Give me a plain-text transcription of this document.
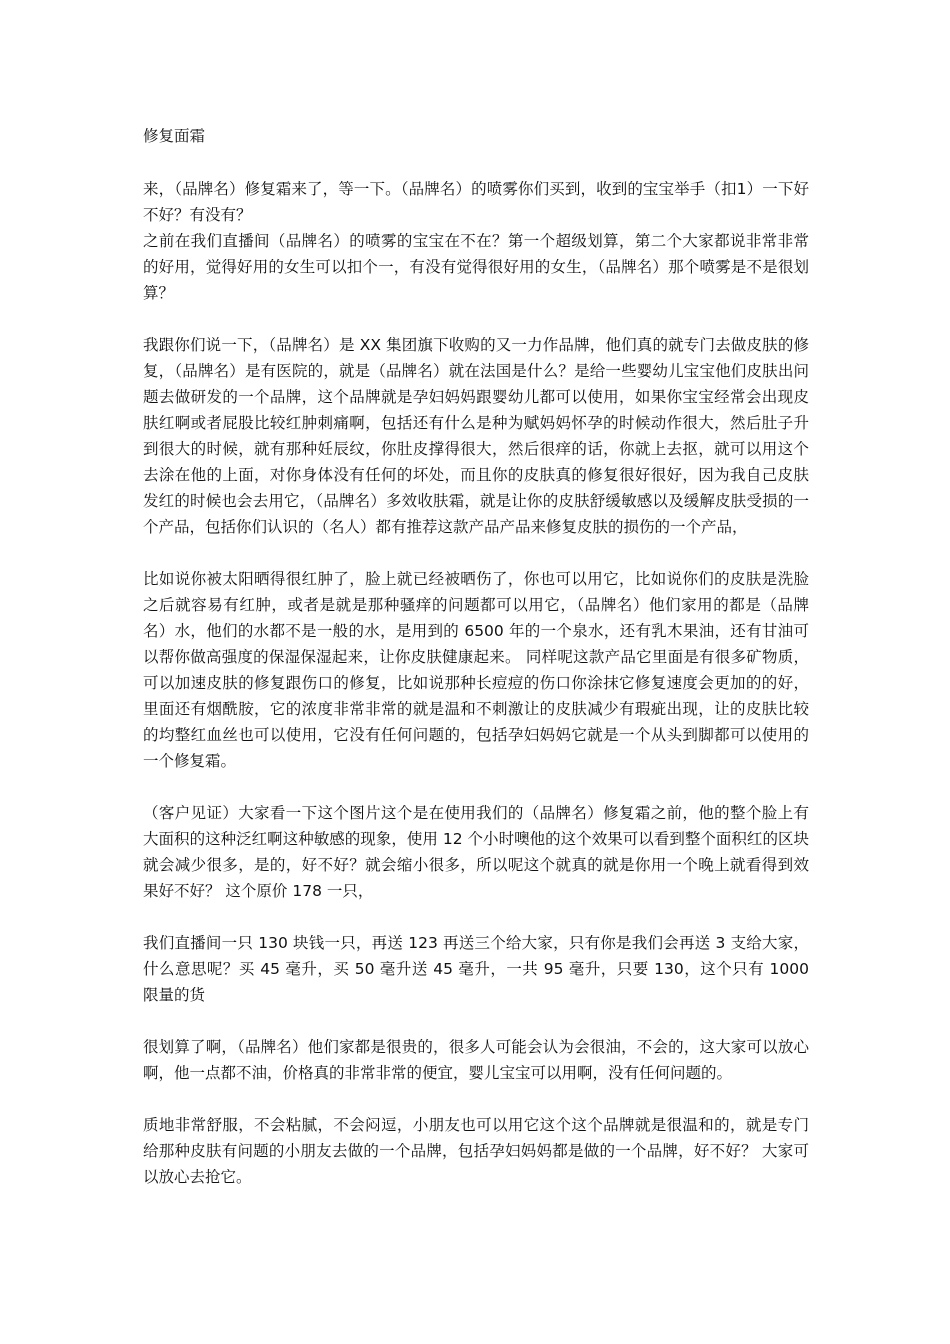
修复面霜

来，（品牌名）修复霜来了，等一下。（品牌名）的喷雾你们买到，收到的宝宝举手（扣1）一下好不好？有没有？

之前在我们直播间（品牌名）的喷雾的宝宝在不在？第一个超级划算，第二个大家都说非常非常的好用，觉得好用的女生可以扣个一，有没有觉得很好用的女生，（品牌名）那个喷雾是不是很划算？

我跟你们说一下，（品牌名）是 XX 集团旗下收购的又一力作品牌，他们真的就专门去做皮肤的修复，（品牌名）是有医院的，就是（品牌名）就在法国是什么？是给一些婴幼儿宝宝他们皮肤出问题去做研发的一个品牌，这个品牌就是孕妇妈妈跟婴幼儿都可以使用，如果你宝宝经常会出现皮肤红啊或者屁股比较红肿刺痛啊，包括还有什么是种为赋妈妈怀孕的时候动作很大，然后肚子升到很大的时候，就有那种妊辰纹，你肚皮撑得很大，然后很痒的话，你就上去抠，就可以用这个去涂在他的上面，对你身体没有任何的坏处，而且你的皮肤真的修复很好很好，因为我自己皮肤发红的时候也会去用它，（品牌名）多效收肤霜，就是让你的皮肤舒缓敏感以及缓解皮肤受损的一个产品，包括你们认识的（名人）都有推荐这款产品产品来修复皮肤的损伤的一个产品，

比如说你被太阳晒得很红肿了，脸上就已经被晒伤了，你也可以用它，比如说你们的皮肤是洗脸之后就容易有红肿，或者是就是那种骚痒的问题都可以用它，（品牌名）他们家用的都是（品牌名）水，他们的水都不是一般的水，是用到的 6500 年的一个泉水，还有乳木果油，还有甘油可以帮你做高强度的保湿保湿起来，让你皮肤健康起来。 同样呢这款产品它里面是有很多矿物质，可以加速皮肤的修复跟伤口的修复，比如说那种长痘痘的伤口你涂抹它修复速度会更加的的好，里面还有烟酰胺，它的浓度非常非常的就是温和不刺激让的皮肤减少有瑕疵出现，让的皮肤比较的均整红血丝也可以使用，它没有任何问题的，包括孕妇妈妈它就是一个从头到脚都可以使用的一个修复霜。

（客户见证）大家看一下这个图片这个是在使用我们的（品牌名）修复霜之前，他的整个脸上有大面积的这种泛红啊这种敏感的现象，使用 12 个小时噢他的这个效果可以看到整个面积红的区块就会减少很多，是的，好不好？就会缩小很多，所以呢这个就真的就是你用一个晚上就看得到效果好不好？ 这个原价 178 一只，

我们直播间一只 130 块钱一只，再送 123 再送三个给大家，只有你是我们会再送 3 支给大家，什么意思呢？买 45 毫升，买 50 毫升送 45 毫升，一共 95 毫升，只要 130，这个只有 1000 限量的货

很划算了啊，（品牌名）他们家都是很贵的，很多人可能会认为会很油，不会的，这大家可以放心啊，他一点都不油，价格真的非常非常的便宜，婴儿宝宝可以用啊，没有任何问题的。

质地非常舒服，不会粘腻，不会闷逗，小朋友也可以用它这个这个品牌就是很温和的，就是专门给那种皮肤有问题的小朋友去做的一个品牌，包括孕妇妈妈都是做的一个品牌，好不好？ 大家可以放心去抢它。
